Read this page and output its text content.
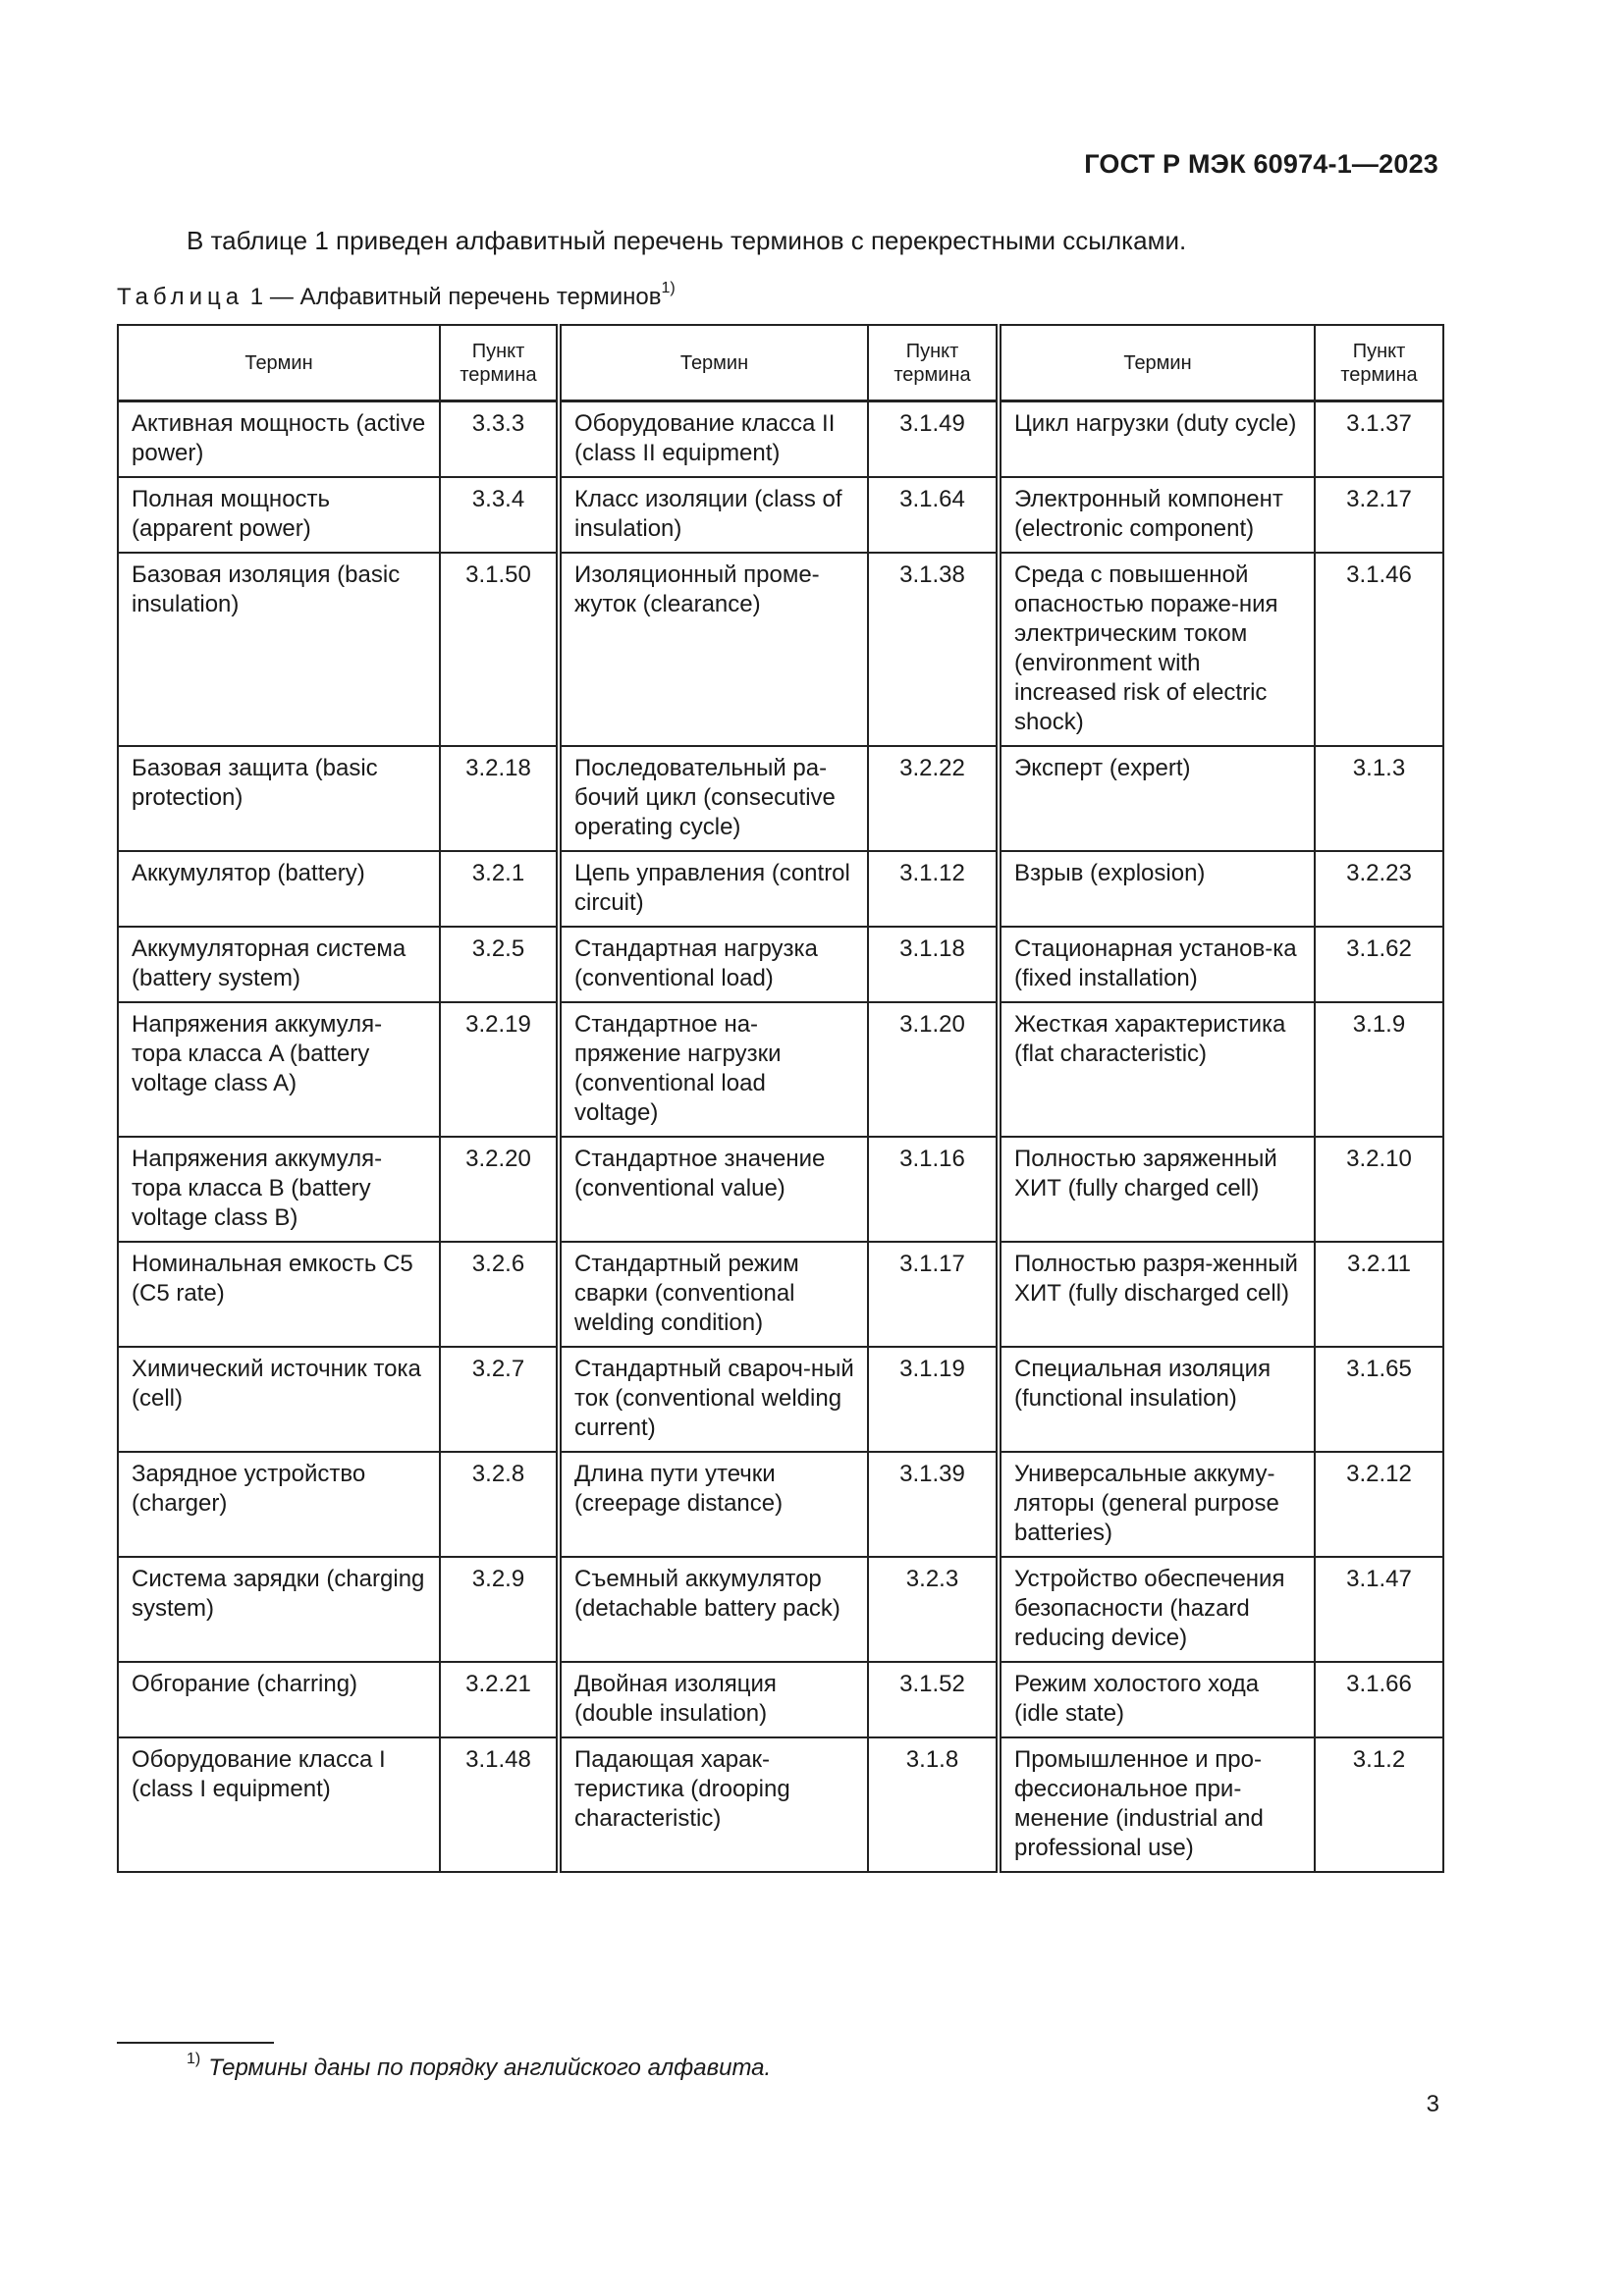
ГОСТ Р МЭК 60974-1—2023
В таблице 1 приведен алфавитный перечень терминов с перекрестными ссылками.
Таблица 1 — Алфавитный перечень терминов$^{1)}$
Термин	Пункт термина	Термин	Пункт термина	Термин	Пункт термина
Активная мощность (active power)	3.3.3	Оборудование класса II (class II equipment)	3.1.49	Цикл нагрузки (duty cycle)	3.1.37
Полная мощность (apparent power)	3.3.4	Класс изоляции (class of insulation)	3.1.64	Электронный компонент (electronic component)	3.2.17
Базовая изоляция (basic insulation)	3.1.50	Изоляционный проме-жуток (clearance)	3.1.38	Среда с повышенной опасностью пораже-ния электрическим током (environment with increased risk of electric shock)	3.1.46
Базовая защита (basic protection)	3.2.18	Последовательный ра-бочий цикл (consecutive operating cycle)	3.2.22	Эксперт (expert)	3.1.3
Аккумулятор (battery)	3.2.1	Цепь управления (control circuit)	3.1.12	Взрыв (explosion)	3.2.23
Аккумуляторная система (battery system)	3.2.5	Стандартная нагрузка (conventional load)	3.1.18	Стационарная установ-ка (fixed installation)	3.1.62
Напряжения аккумуля-тора класса A (battery voltage class A)	3.2.19	Стандартное на-пряжение нагрузки (conventional load voltage)	3.1.20	Жесткая характеристика (flat characteristic)	3.1.9
Напряжения аккумуля-тора класса B (battery voltage class B)	3.2.20	Стандартное значение (conventional value)	3.1.16	Полностью заряженный ХИТ (fully charged cell)	3.2.10
Номинальная емкость C5 (C5 rate)	3.2.6	Стандартный режим сварки (conventional welding condition)	3.1.17	Полностью разря-женный ХИТ (fully discharged cell)	3.2.11
Химический источник тока (cell)	3.2.7	Стандартный свароч-ный ток (conventional welding current)	3.1.19	Специальная изоляция (functional insulation)	3.1.65
Зарядное устройство (charger)	3.2.8	Длина пути утечки (creepage distance)	3.1.39	Универсальные аккуму-ляторы (general purpose batteries)	3.2.12
Система зарядки (charging system)	3.2.9	Съемный аккумулятор (detachable battery pack)	3.2.3	Устройство обеспечения безопасности (hazard reducing device)	3.1.47
Обгорание (charring)	3.2.21	Двойная изоляция (double insulation)	3.1.52	Режим холостого хода (idle state)	3.1.66
Оборудование класса I (class I equipment)	3.1.48	Падающая харак-теристика (drooping characteristic)	3.1.8	Промышленное и про-фессиональное при-менение (industrial and professional use)	3.1.2
$^{1)}$ Термины даны по порядку английского алфавита.
3
